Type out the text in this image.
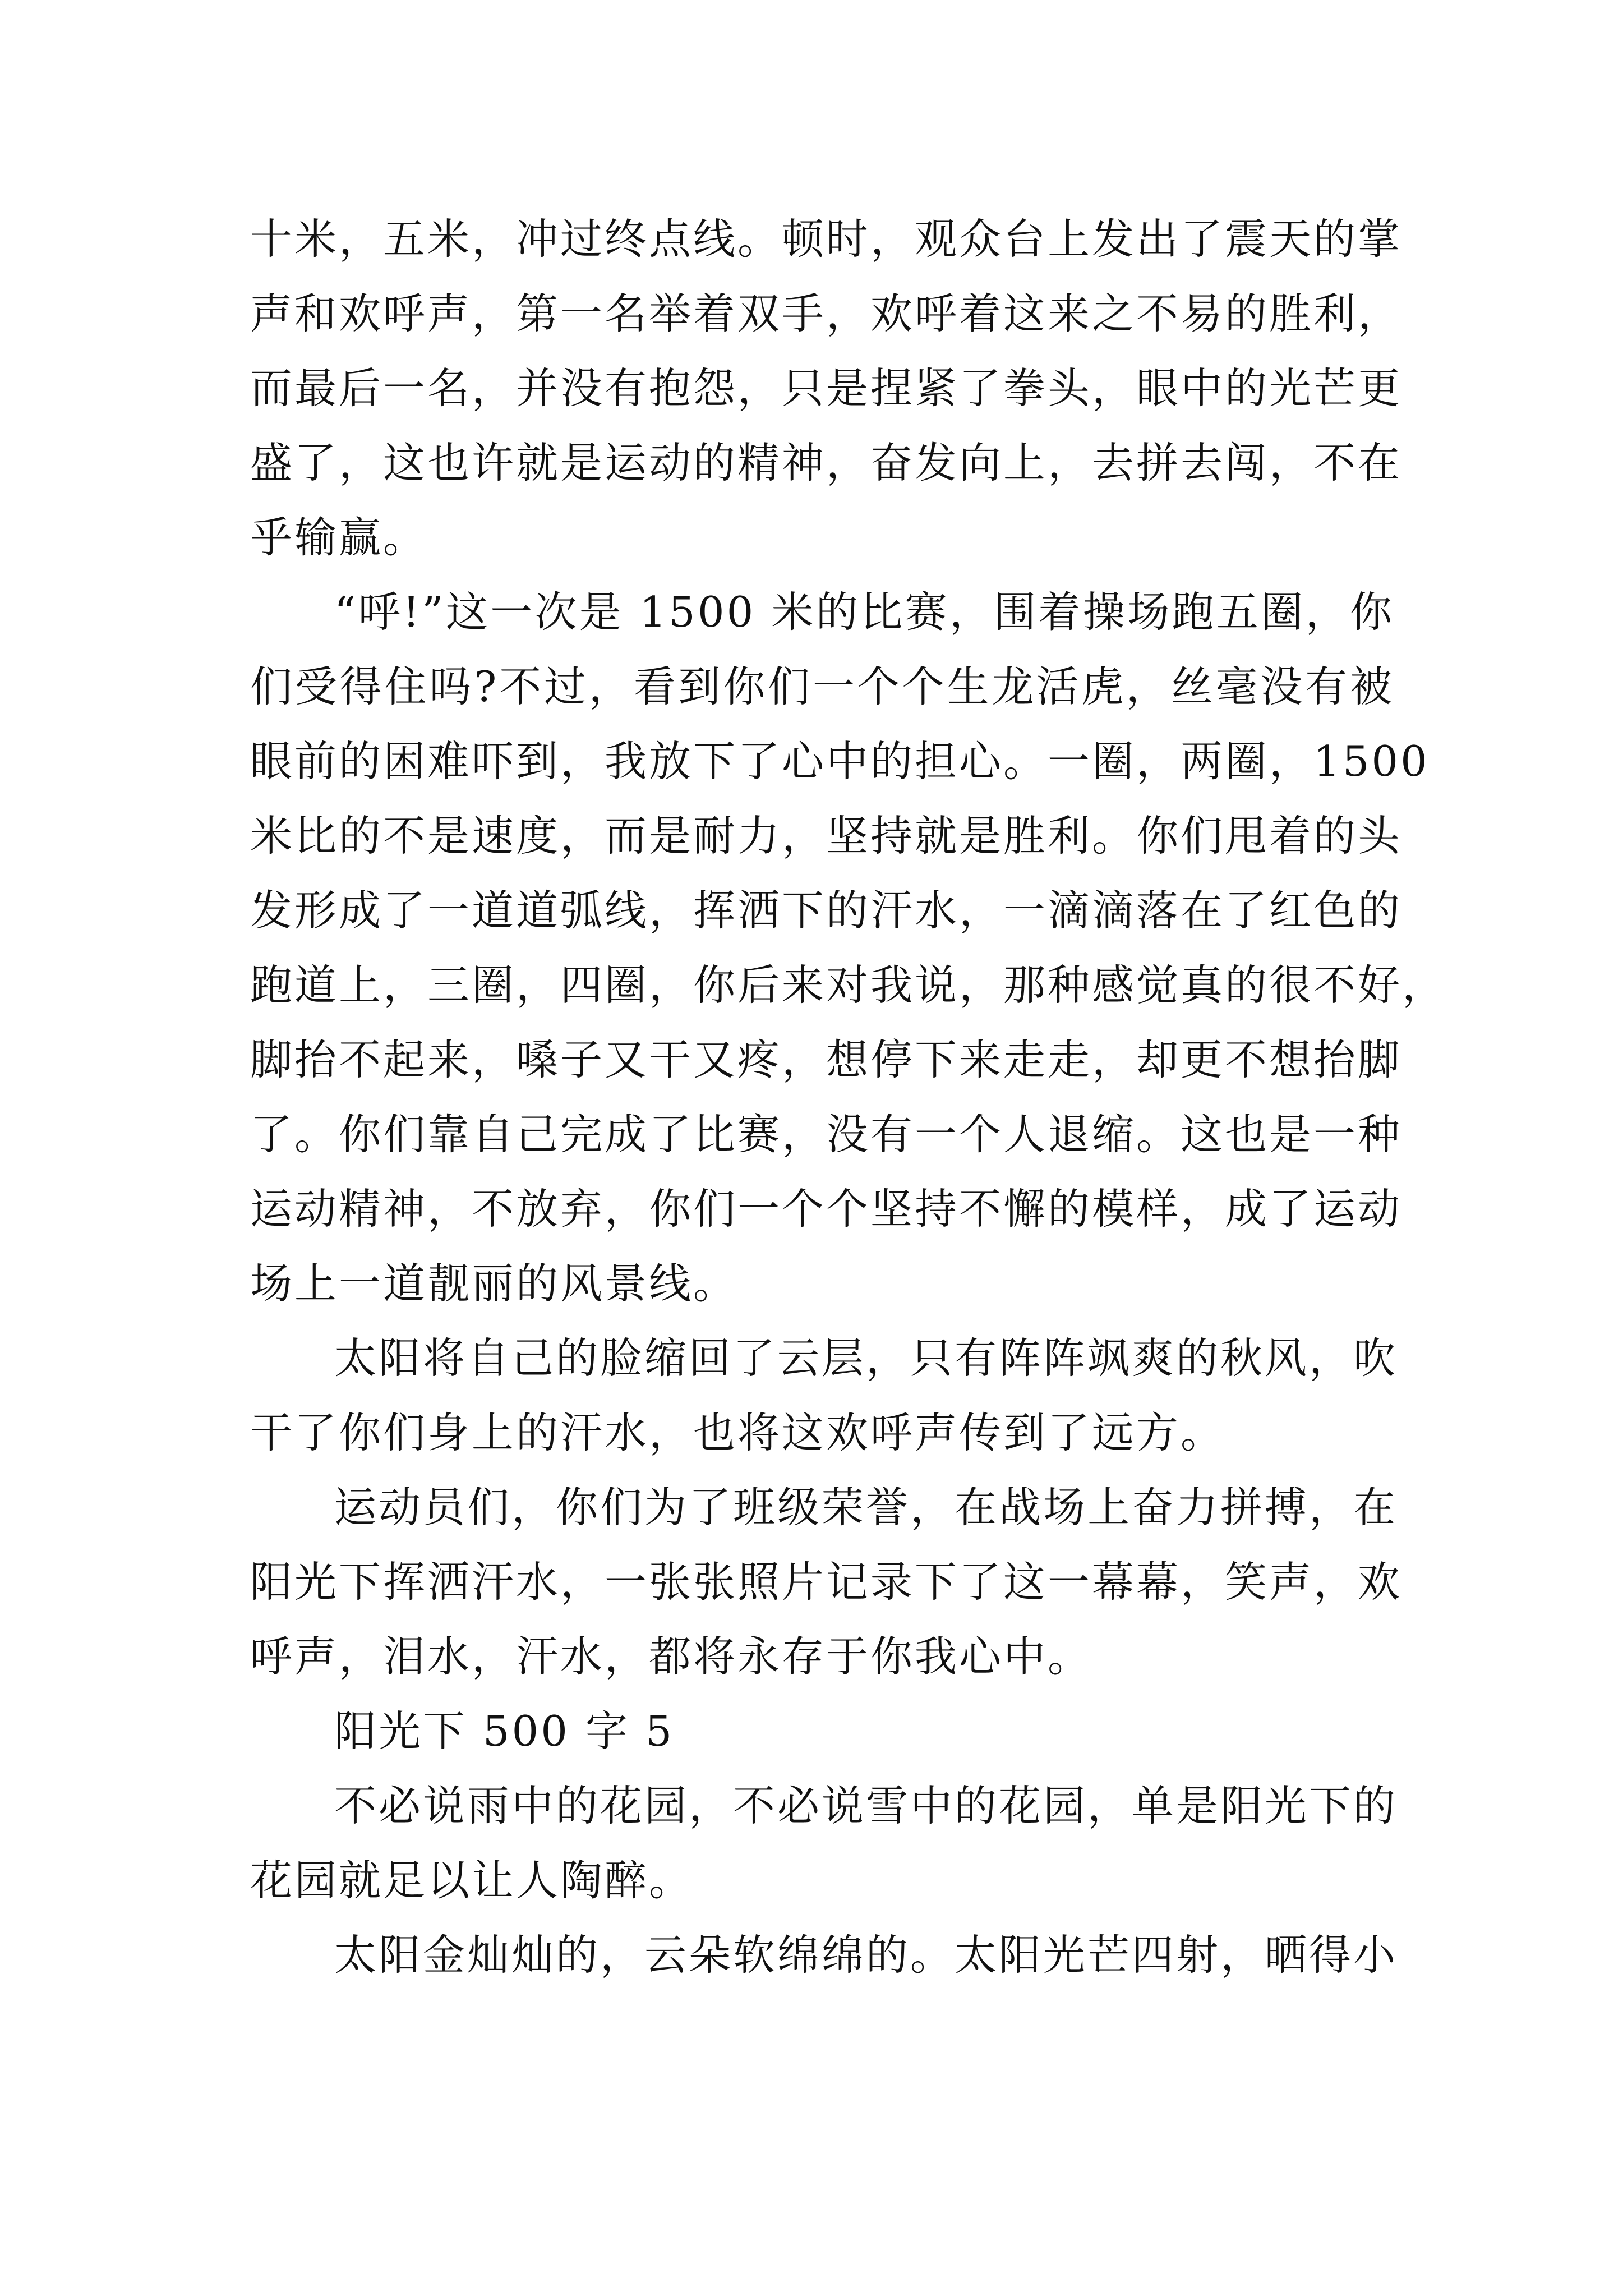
十米，五米，冲过终点线。顿时，观众台上发出了震天的掌
声和欢呼声，第一名举着双手，欢呼着这来之不易的胜利，
而最后一名，并没有抱怨，只是捏紧了拳头，眼中的光芒更
盛了，这也许就是运动的精神，奋发向上，去拼去闯，不在
乎输赢。
“呼!”这一次是 1500 米的比赛，围着操场跑五圈，你
们受得住吗?不过，看到你们一个个生龙活虎，丝毫没有被
眼前的困难吓到，我放下了心中的担心。一圈，两圈，1500
米比的不是速度，而是耐力，坚持就是胜利。你们甩着的头
发形成了一道道弧线，挥洒下的汗水，一滴滴落在了红色的
跑道上，三圈，四圈，你后来对我说，那种感觉真的很不好，
脚抬不起来，嗓子又干又疼，想停下来走走，却更不想抬脚
了。你们靠自己完成了比赛，没有一个人退缩。这也是一种
运动精神，不放弃，你们一个个坚持不懈的模样，成了运动
场上一道靓丽的风景线。
太阳将自己的脸缩回了云层，只有阵阵飒爽的秋风，吹
干了你们身上的汗水，也将这欢呼声传到了远方。
运动员们，你们为了班级荣誉，在战场上奋力拼搏，在
阳光下挥洒汗水，一张张照片记录下了这一幕幕，笑声，欢
呼声，泪水，汗水，都将永存于你我心中。
阳光下 500 字 5
不必说雨中的花园，不必说雪中的花园，单是阳光下的
花园就足以让人陶醉。
太阳金灿灿的，云朵软绵绵的。太阳光芒四射，晒得小
